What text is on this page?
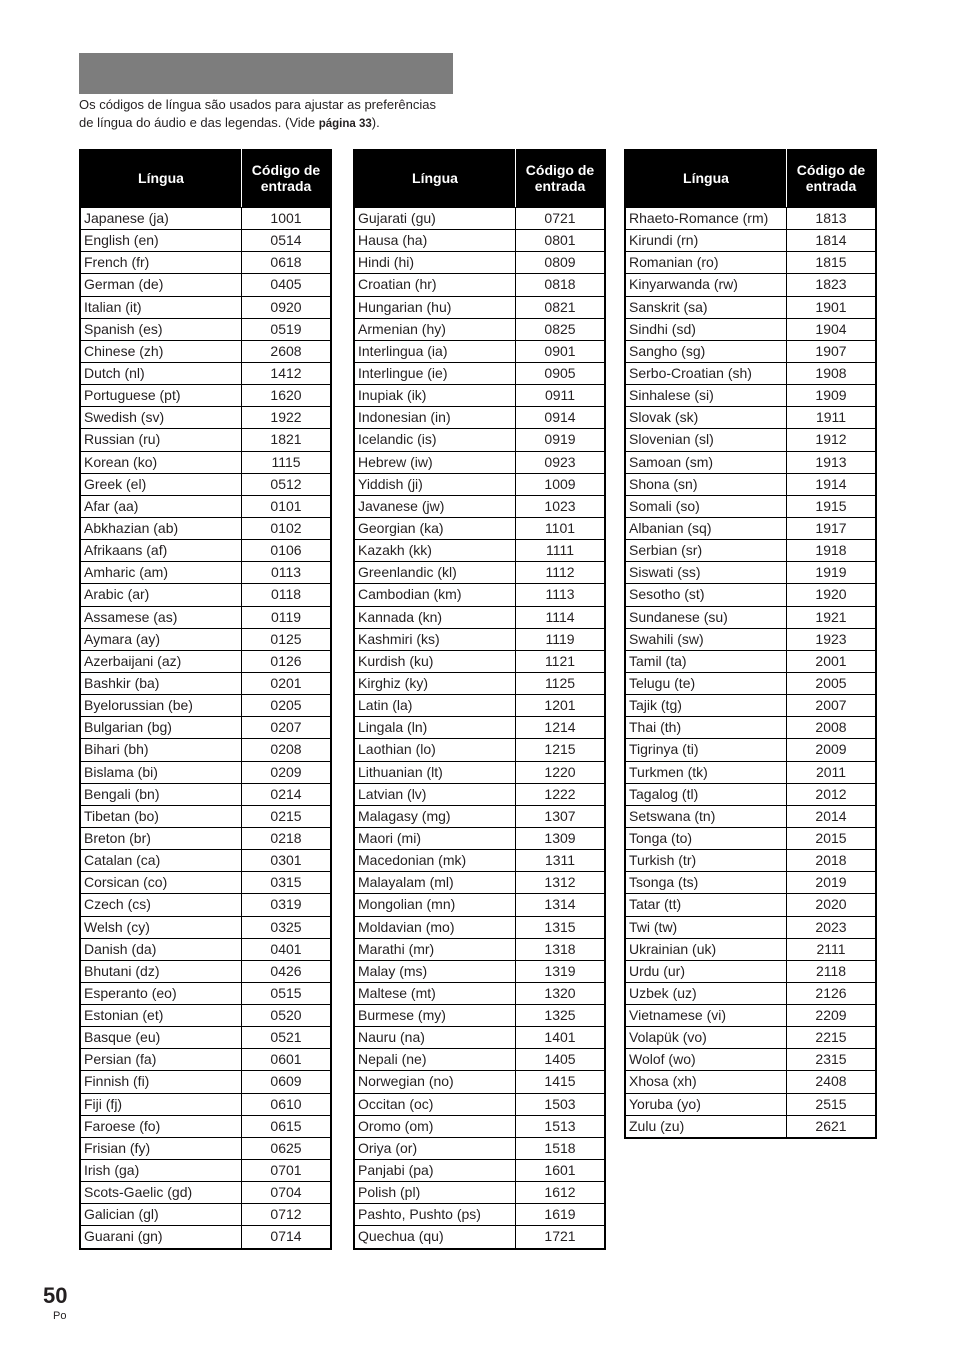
Os códigos de língua são usados para ajustar as preferências
de língua do áudio e das legendas. (Vide página 33).
Língua	Código de
entrada
Japanese (ja)	1001
English (en)	0514
French (fr)	0618
German (de)	0405
Italian (it)	0920
Spanish (es)	0519
Chinese (zh)	2608
Dutch (nl)	1412
Portuguese (pt)	1620
Swedish (sv)	1922
Russian (ru)	1821
Korean (ko)	1115
Greek (el)	0512
Afar (aa)	0101
Abkhazian (ab)	0102
Afrikaans (af)	0106
Amharic (am)	0113
Arabic (ar)	0118
Assamese (as)	0119
Aymara (ay)	0125
Azerbaijani (az)	0126
Bashkir (ba)	0201
Byelorussian (be)	0205
Bulgarian (bg)	0207
Bihari (bh)	0208
Bislama (bi)	0209
Bengali (bn)	0214
Tibetan (bo)	0215
Breton (br)	0218
Catalan (ca)	0301
Corsican (co)	0315
Czech (cs)	0319
Welsh (cy)	0325
Danish (da)	0401
Bhutani (dz)	0426
Esperanto (eo)	0515
Estonian (et)	0520
Basque (eu)	0521
Persian (fa)	0601
Finnish (fi)	0609
Fiji (fj)	0610
Faroese (fo)	0615
Frisian (fy)	0625
Irish (ga)	0701
Scots-Gaelic (gd)	0704
Galician (gl)	0712
Guarani (gn)	0714
Língua	Código de
entrada
Gujarati (gu)	0721
Hausa (ha)	0801
Hindi (hi)	0809
Croatian (hr)	0818
Hungarian (hu)	0821
Armenian (hy)	0825
Interlingua (ia)	0901
Interlingue (ie)	0905
Inupiak (ik)	0911
Indonesian (in)	0914
Icelandic (is)	0919
Hebrew (iw)	0923
Yiddish (ji)	1009
Javanese (jw)	1023
Georgian (ka)	1101
Kazakh (kk)	1111
Greenlandic (kl)	1112
Cambodian (km)	1113
Kannada (kn)	1114
Kashmiri (ks)	1119
Kurdish (ku)	1121
Kirghiz (ky)	1125
Latin (la)	1201
Lingala (ln)	1214
Laothian (lo)	1215
Lithuanian (lt)	1220
Latvian (lv)	1222
Malagasy (mg)	1307
Maori (mi)	1309
Macedonian (mk)	1311
Malayalam (ml)	1312
Mongolian (mn)	1314
Moldavian (mo)	1315
Marathi (mr)	1318
Malay (ms)	1319
Maltese (mt)	1320
Burmese (my)	1325
Nauru (na)	1401
Nepali (ne)	1405
Norwegian (no)	1415
Occitan (oc)	1503
Oromo (om)	1513
Oriya (or)	1518
Panjabi (pa)	1601
Polish (pl)	1612
Pashto, Pushto (ps)	1619
Quechua (qu)	1721
Língua	Código de
entrada
Rhaeto-Romance (rm)	1813
Kirundi (rn)	1814
Romanian (ro)	1815
Kinyarwanda (rw)	1823
Sanskrit (sa)	1901
Sindhi (sd)	1904
Sangho (sg)	1907
Serbo-Croatian (sh)	1908
Sinhalese (si)	1909
Slovak (sk)	1911
Slovenian (sl)	1912
Samoan (sm)	1913
Shona (sn)	1914
Somali (so)	1915
Albanian (sq)	1917
Serbian (sr)	1918
Siswati (ss)	1919
Sesotho (st)	1920
Sundanese (su)	1921
Swahili (sw)	1923
Tamil (ta)	2001
Telugu (te)	2005
Tajik (tg)	2007
Thai (th)	2008
Tigrinya (ti)	2009
Turkmen (tk)	2011
Tagalog (tl)	2012
Setswana (tn)	2014
Tonga (to)	2015
Turkish (tr)	2018
Tsonga (ts)	2019
Tatar (tt)	2020
Twi (tw)	2023
Ukrainian (uk)	2111
Urdu (ur)	2118
Uzbek (uz)	2126
Vietnamese (vi)	2209
Volapük (vo)	2215
Wolof (wo)	2315
Xhosa (xh)	2408
Yoruba (yo)	2515
Zulu (zu)	2621
50
Po
